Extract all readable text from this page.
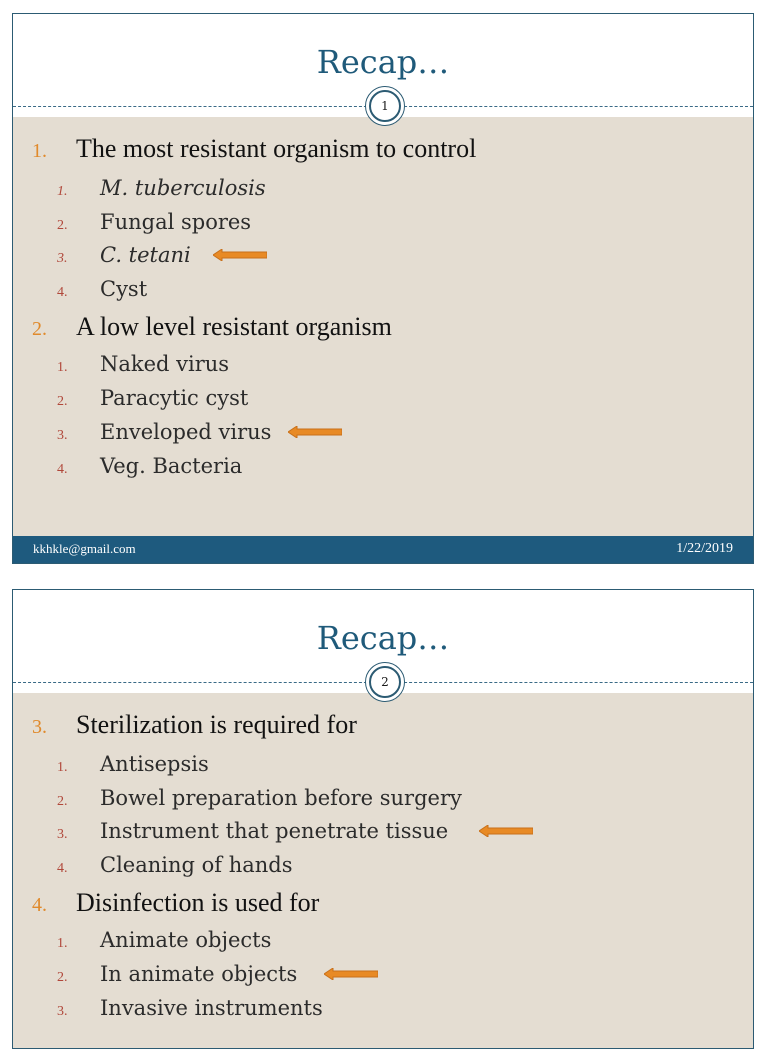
Recap…
1
1. The most resistant organism to control
1. M. tuberculosis
2. Fungal spores
3. C. tetani
4. Cyst
2. A low level resistant organism
1. Naked virus
2. Paracytic cyst
3. Enveloped virus
4. Veg. Bacteria
kkhkle@gmail.com	1/22/2019
Recap…
2
3. Sterilization is required for
1. Antisepsis
2. Bowel preparation before surgery
3. Instrument that penetrate tissue
4. Cleaning of hands
4. Disinfection is used for
1. Animate objects
2. In animate objects
3. Invasive instruments
